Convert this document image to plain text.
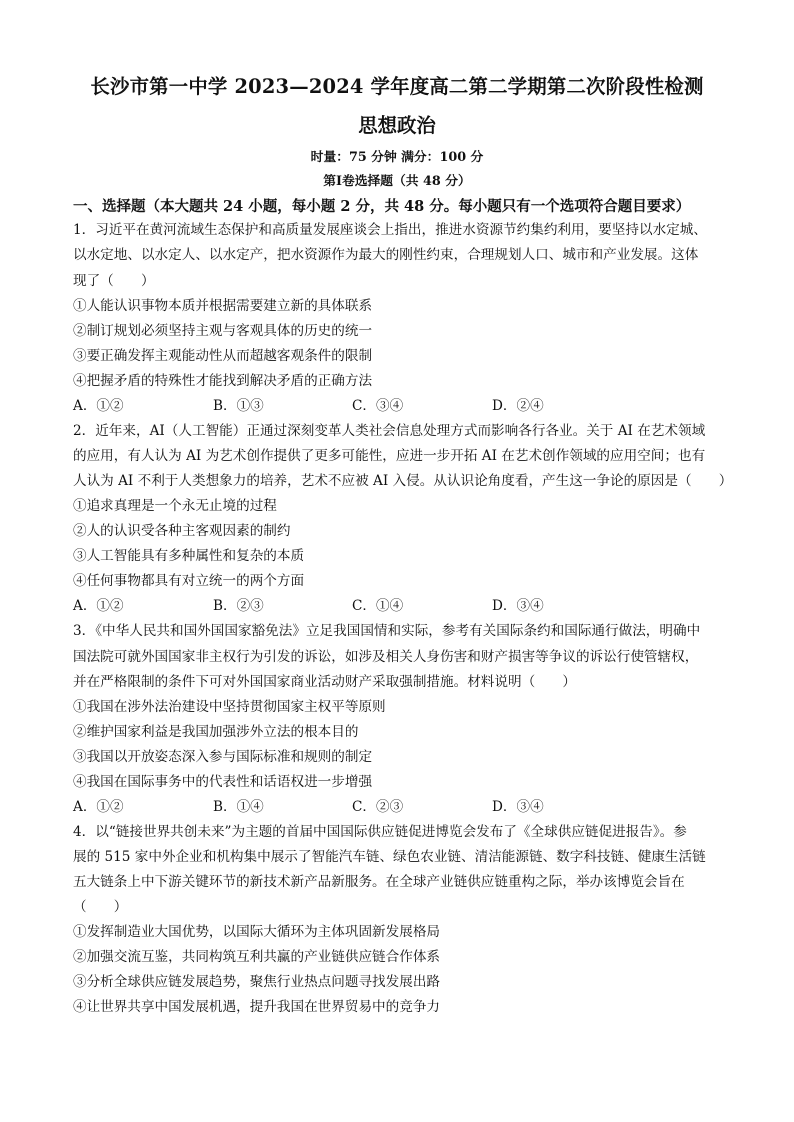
长沙市第一中学 2023—2024 学年度高二第二学期第二次阶段性检测
思想政治
时量：75 分钟 满分：100 分
第Ⅰ卷选择题（共 48 分）
一、选择题（本大题共 24 小题，每小题 2 分，共 48 分。每小题只有一个选项符合题目要求）
1．习近平在黄河流域生态保护和高质量发展座谈会上指出，推进水资源节约集约利用，要坚持以水定城、
以水定地、以水定人、以水定产，把水资源作为最大的刚性约束，合理规划人口、城市和产业发展。这体
现了（　　）
①人能认识事物本质并根据需要建立新的具体联系
②制订规划必须坚持主观与客观具体的历史的统一
③要正确发挥主观能动性从而超越客观条件的限制
④把握矛盾的特殊性才能找到解决矛盾的正确方法
A．①②	B．①③	C．③④	D．②④
2．近年来，AI（人工智能）正通过深刻变革人类社会信息处理方式而影响各行各业。关于 AI 在艺术领域
的应用，有人认为 AI 为艺术创作提供了更多可能性，应进一步开拓 AI 在艺术创作领域的应用空间；也有
人认为 AI 不利于人类想象力的培养，艺术不应被 AI 入侵。从认识论角度看，产生这一争论的原因是（　　）
①追求真理是一个永无止境的过程
②人的认识受各种主客观因素的制约
③人工智能具有多种属性和复杂的本质
④任何事物都具有对立统一的两个方面
A．①②	B．②③	C．①④	D．③④
3．《中华人民共和国外国国家豁免法》立足我国国情和实际，参考有关国际条约和国际通行做法，明确中
国法院可就外国国家非主权行为引发的诉讼，如涉及相关人身伤害和财产损害等争议的诉讼行使管辖权，
并在严格限制的条件下可对外国国家商业活动财产采取强制措施。材料说明（　　）
①我国在涉外法治建设中坚持贯彻国家主权平等原则
②维护国家利益是我国加强涉外立法的根本目的
③我国以开放姿态深入参与国际标准和规则的制定
④我国在国际事务中的代表性和话语权进一步增强
A．①②	B．①④	C．②③	D．③④
4．以“链接世界共创未来”为主题的首届中国国际供应链促进博览会发布了《全球供应链促进报告》。参
展的 515 家中外企业和机构集中展示了智能汽车链、绿色农业链、清洁能源链、数字科技链、健康生活链
五大链条上中下游关键环节的新技术新产品新服务。在全球产业链供应链重构之际，举办该博览会旨在
（　　）
①发挥制造业大国优势，以国际大循环为主体巩固新发展格局
②加强交流互鉴，共同构筑互利共赢的产业链供应链合作体系
③分析全球供应链发展趋势，聚焦行业热点问题寻找发展出路
④让世界共享中国发展机遇，提升我国在世界贸易中的竞争力
